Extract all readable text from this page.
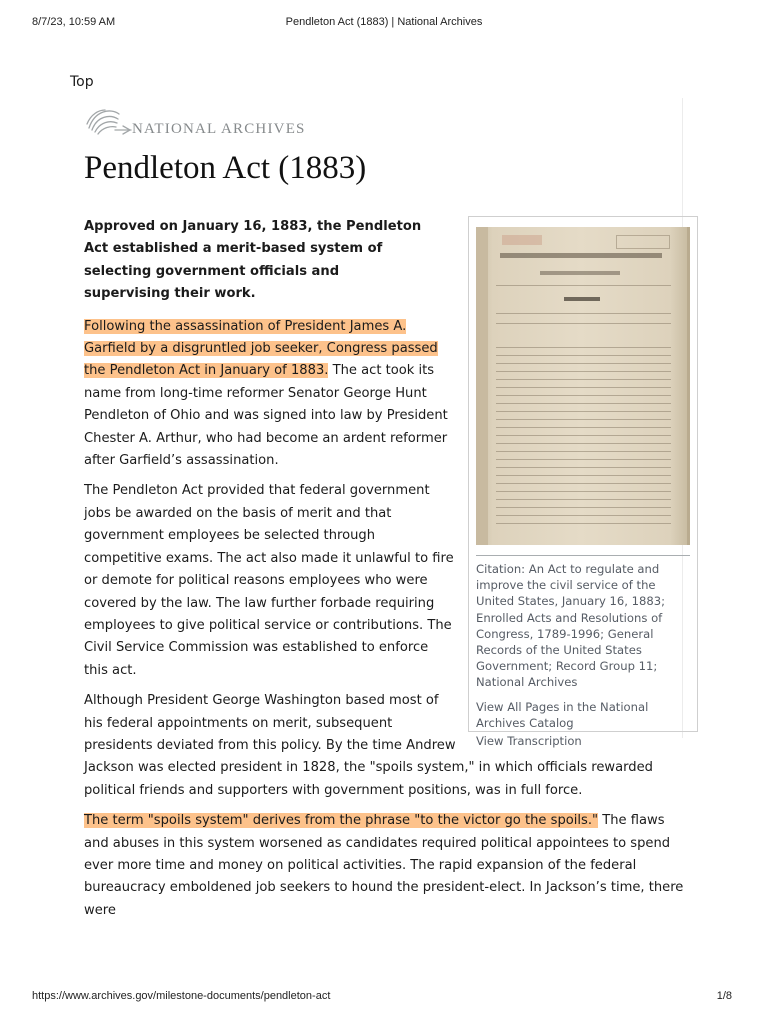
8/7/23, 10:59 AM	Pendleton Act (1883) | National Archives
Top
NATIONAL ARCHIVES
Pendleton Act (1883)

Citation: An Act to regulate and improve the civil service of the United States, January 16, 1883; Enrolled Acts and Resolutions of Congress, 1789-1996; General Records of the United States Government; Record Group 11; National Archives

View All Pages in the National Archives Catalog
View Transcription

Approved on January 16, 1883, the Pendleton Act established a merit-based system of selecting government officials and supervising their work.

Following the assassination of President James A. Garfield by a disgruntled job seeker, Congress passed the Pendleton Act in January of 1883. The act took its name from long-time reformer Senator George Hunt Pendleton of Ohio and was signed into law by President Chester A. Arthur, who had become an ardent reformer after Garfield’s assassination.

The Pendleton Act provided that federal government jobs be awarded on the basis of merit and that government employees be selected through competitive exams. The act also made it unlawful to fire or demote for political reasons employees who were covered by the law. The law further forbade requiring employees to give political service or contributions. The Civil Service Commission was established to enforce this act.

Although President George Washington based most of his federal appointments on merit, subsequent presidents deviated from this policy. By the time Andrew Jackson was elected president in 1828, the "spoils system," in which officials rewarded political friends and supporters with government positions, was in full force.

The term "spoils system" derives from the phrase "to the victor go the spoils." The flaws and abuses in this system worsened as candidates required political appointees to spend ever more time and money on political activities. The rapid expansion of the federal bureaucracy emboldened job seekers to hound the president-elect. In Jackson’s time, there were

https://www.archives.gov/milestone-documents/pendleton-act	1/8
